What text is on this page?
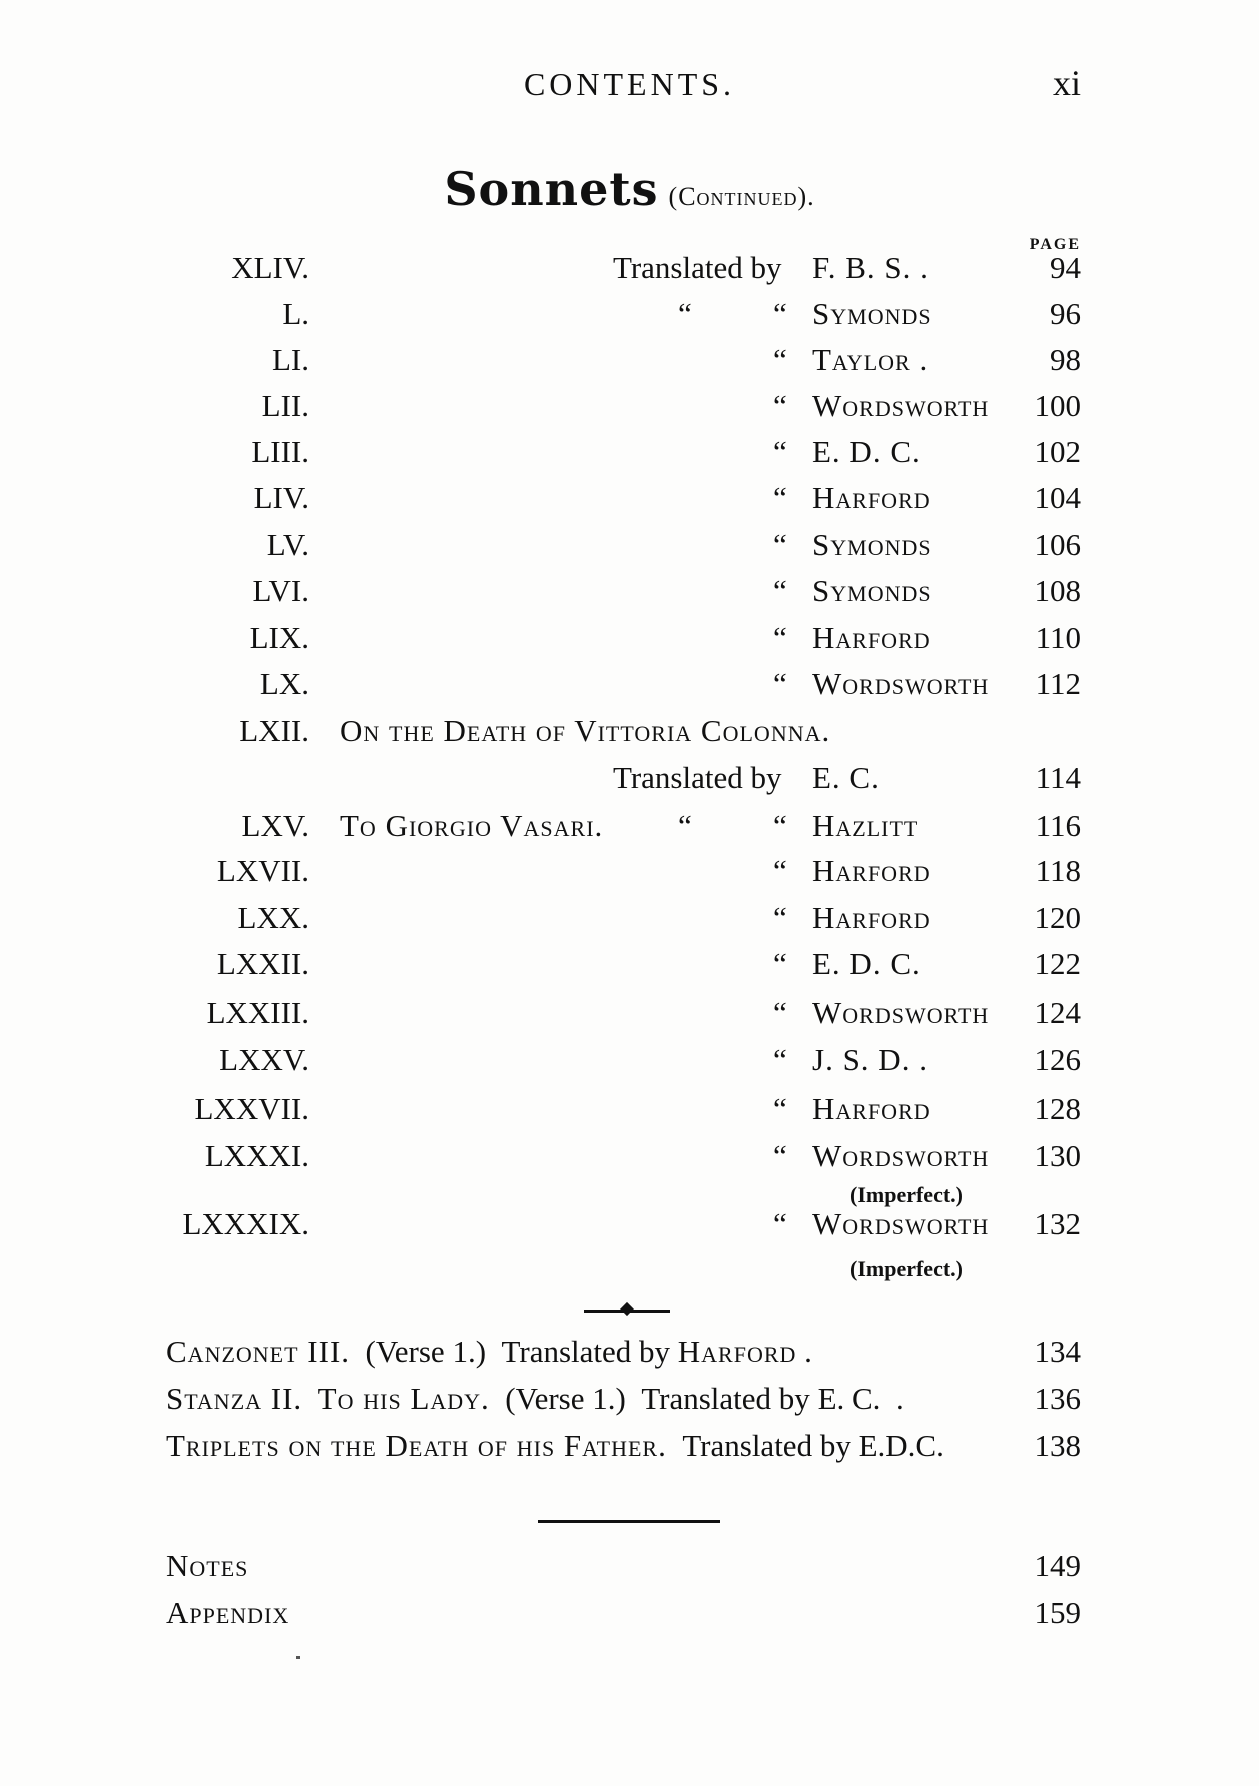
CONTENTS.	xi
Sonnets (Continued).
PAGE
XLIV.	Translated by F. B. S. .	94
L.	“	“ Symonds	96
LI.	“ Taylor .	98
LII.	“ Wordsworth 100
LIII.	“ E. D. C.	102
LIV.	“ Harford	104
LV.	“ Symonds	106
LVI.	“ Symonds	108
LIX.	“ Harford	110
LX.	“ Wordsworth 112
LXII. On the Death of Vittoria Colonna.
Translated by E. C.	114
LXV. To Giorgio Vasari. “	“ Hazlitt	116
LXVII.	“ Harford	118
LXX.	“ Harford	120
LXXII.	“ E. D. C.	122
LXXIII.	“ Wordsworth 124
LXXV.	“ J. S. D. .	126
LXXVII.	“ Harford	128
LXXXI.	“ Wordsworth 130
(Imperfect.)
LXXXIX.	“ Wordsworth 132
(Imperfect.)
Canzonet III. (Verse 1.) Translated by Harford .	134
Stanza II. To his Lady. (Verse 1.) Translated by E. C. .	136
Triplets on the Death of his Father. Translated by E.D.C.	138
Notes	149
Appendix	159
